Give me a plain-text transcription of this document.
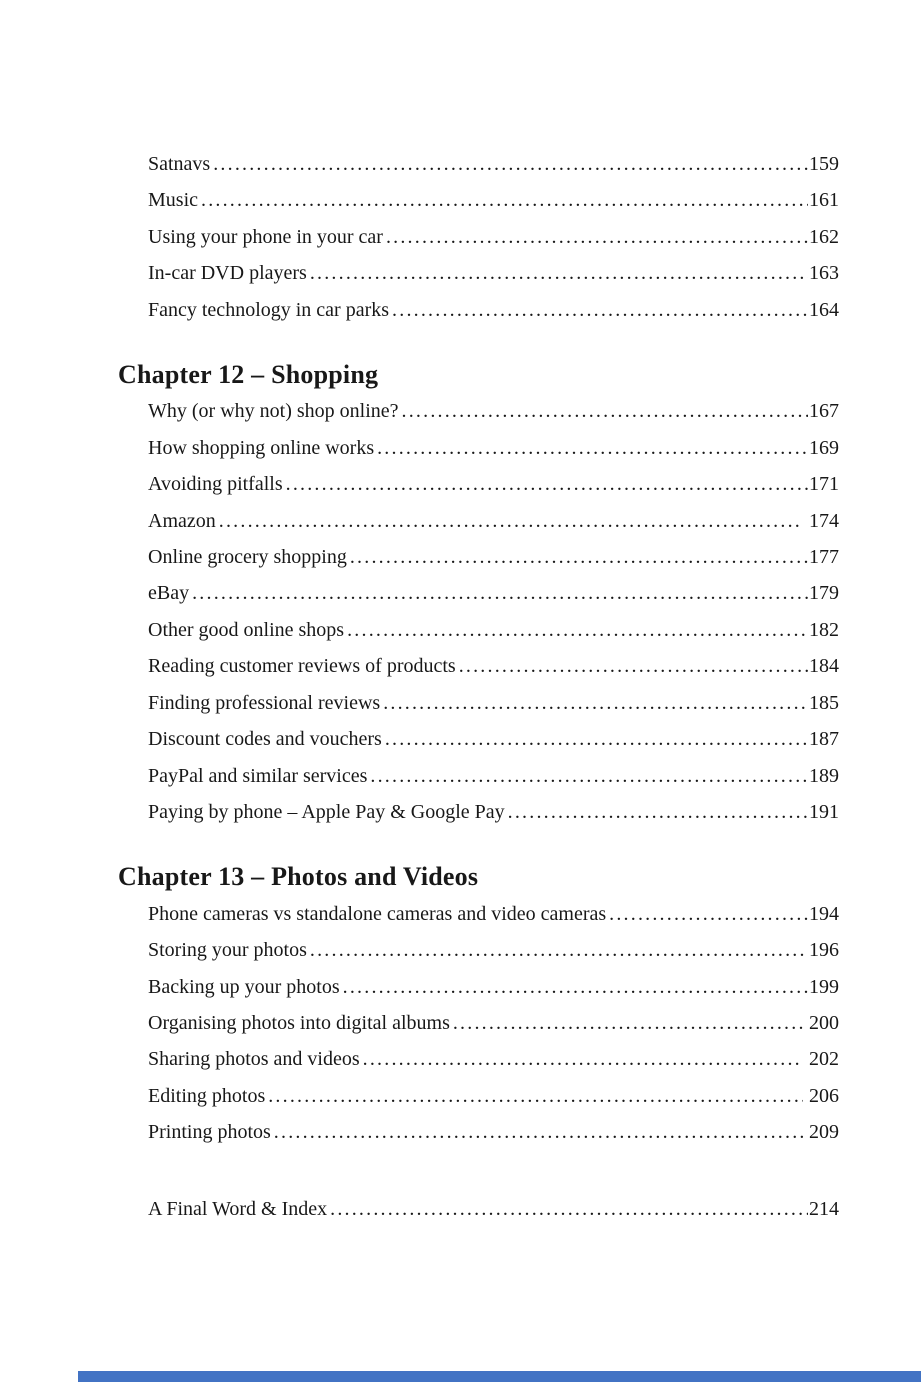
Satnavs .....	159
Music .....	161
Using your phone in your car .....	162
In-car DVD players .....	163
Fancy technology in car parks .....	164
Chapter 12 – Shopping
Why (or why not) shop online? .....	167
How shopping online works .....	169
Avoiding pitfalls .....	171
Amazon .....	174
Online grocery shopping .....	177
eBay .....	179
Other good online shops .....	182
Reading customer reviews of products .....	184
Finding professional reviews .....	185
Discount codes and vouchers .....	187
PayPal and similar services .....	189
Paying by phone – Apple Pay & Google Pay .....	191
Chapter 13 – Photos and Videos
Phone cameras vs standalone cameras and video cameras .....	194
Storing your photos .....	196
Backing up your photos .....	199
Organising photos into digital albums .....	200
Sharing photos and videos .....	202
Editing photos .....	206
Printing photos .....	209
A Final Word & Index .....	214
